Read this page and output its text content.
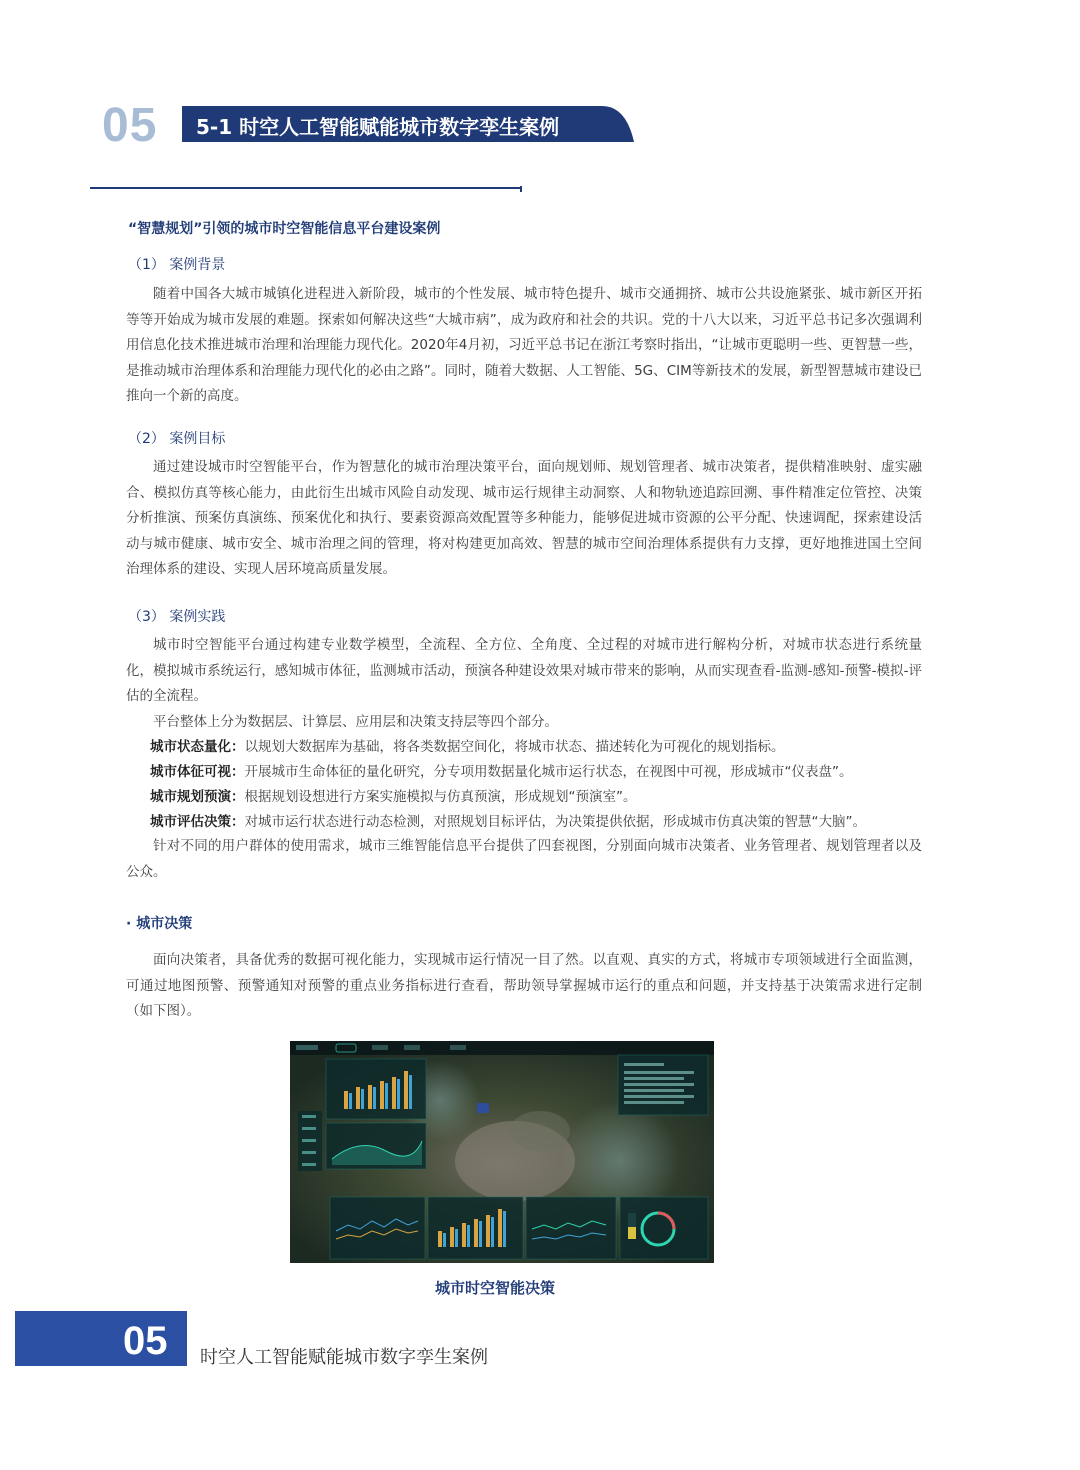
05 5-1 时空人工智能赋能城市数字孪生案例
“智慧规划”引领的城市时空智能信息平台建设案例
（1） 案例背景

随着中国各大城市城镇化进程进入新阶段，城市的个性发展、城市特色提升、城市交通拥挤、城市公共设施紧张、城市新区开拓等等开始成为城市发展的难题。探索如何解决这些“大城市病”，成为政府和社会的共识。党的十八大以来，习近平总书记多次强调利用信息化技术推进城市治理和治理能力现代化。2020年4月初，习近平总书记在浙江考察时指出，“让城市更聪明一些、更智慧一些，是推动城市治理体系和治理能力现代化的必由之路”。同时，随着大数据、人工智能、5G、CIM等新技术的发展，新型智慧城市建设已推向一个新的高度。

（2） 案例目标

通过建设城市时空智能平台，作为智慧化的城市治理决策平台，面向规划师、规划管理者、城市决策者，提供精准映射、虚实融合、模拟仿真等核心能力，由此衍生出城市风险自动发现、城市运行规律主动洞察、人和物轨迹追踪回溯、事件精准定位管控、决策分析推演、预案仿真演练、预案优化和执行、要素资源高效配置等多种能力，能够促进城市资源的公平分配、快速调配，探索建设活动与城市健康、城市安全、城市治理之间的管理，将对构建更加高效、智慧的城市空间治理体系提供有力支撑，更好地推进国土空间治理体系的建设、实现人居环境高质量发展。

（3） 案例实践

城市时空智能平台通过构建专业数学模型，全流程、全方位、全角度、全过程的对城市进行解构分析，对城市状态进行系统量化，模拟城市系统运行，感知城市体征，监测城市活动，预演各种建设效果对城市带来的影响，从而实现查看-监测-感知-预警-模拟-评估的全流程。

平台整体上分为数据层、计算层、应用层和决策支持层等四个部分。
城市状态量化：以规划大数据库为基础，将各类数据空间化，将城市状态、描述转化为可视化的规划指标。
城市体征可视：开展城市生命体征的量化研究，分专项用数据量化城市运行状态，在视图中可视，形成城市“仪表盘”。
城市规划预演：根据规划设想进行方案实施模拟与仿真预演，形成规划“预演室”。
城市评估决策：对城市运行状态进行动态检测，对照规划目标评估，为决策提供依据，形成城市仿真决策的智慧“大脑”。

针对不同的用户群体的使用需求，城市三维智能信息平台提供了四套视图，分别面向城市决策者、业务管理者、规划管理者以及公众。

· 城市决策

面向决策者，具备优秀的数据可视化能力，实现城市运行情况一目了然。以直观、真实的方式，将城市专项领域进行全面监测，可通过地图预警、预警通知对预警的重点业务指标进行查看，帮助领导掌握城市运行的重点和问题，并支持基于决策需求进行定制（如下图）。

城市时空智能决策
05 时空人工智能赋能城市数字孪生案例
